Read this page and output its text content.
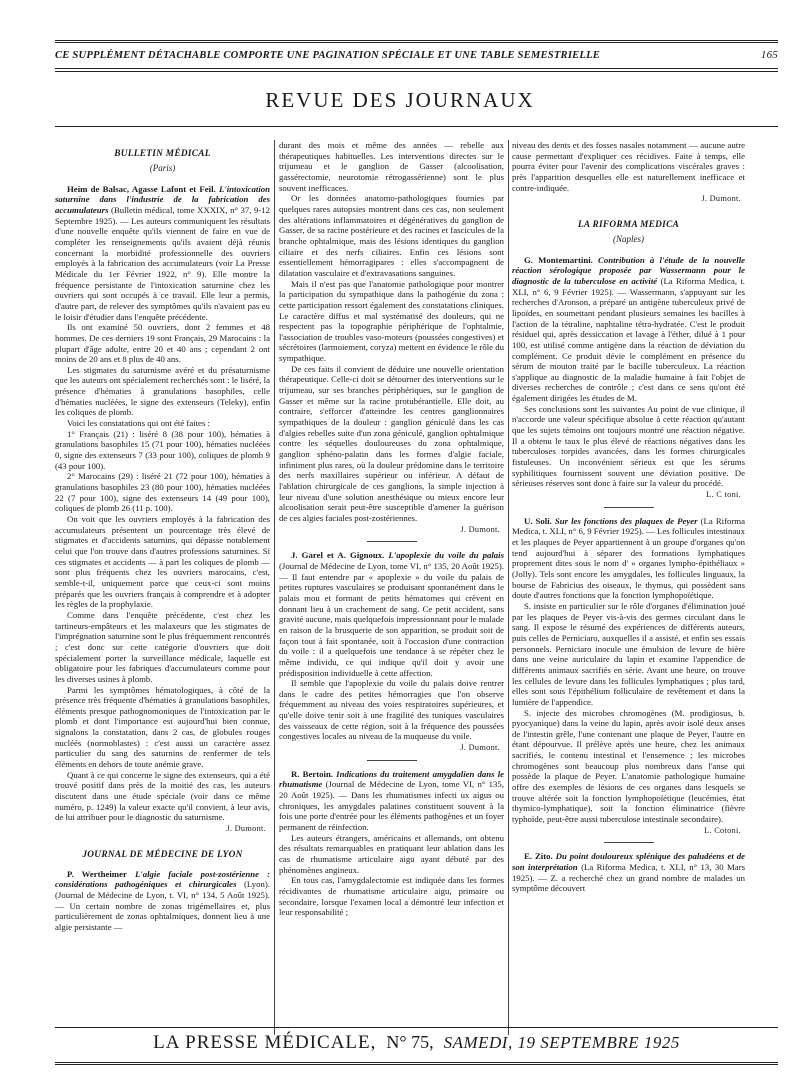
CE SUPPLÉMENT DÉTACHABLE COMPORTE UNE PAGINATION SPÉCIALE ET UNE TABLE SEMESTRIELLE	165
REVUE DES JOURNAUX
BULLETIN MÉDICAL
(Paris)

Heim de Balsac, Agasse Lafont et Feil. L'intoxication saturnine dans l'industrie de la fabrication des accumulateurs (Bulletin médical, tome XXXIX, n° 37, 9-12 Septembre 1925). — Les auteurs communiquent les résultats d'une nouvelle enquête qu'ils viennent de faire en vue de compléter les renseignements qu'ils avaient déjà réunis concernant la morbidité professionnelle des ouvriers employés à la fabrication des accumulateurs (voir La Presse Médicale du 1er Février 1922, n° 9). Elle montre la fréquence persistante de l'intoxication saturnine chez les ouvriers qui sont occupés à ce travail. Elle leur a permis, d'autre part, de relever des symptômes qu'ils n'avaient pas eu le loisir d'étudier dans l'enquête précédente.

Ils ont examiné 50 ouvriers, dont 2 femmes et 48 hommes. De ces derniers 19 sont Français, 29 Marocains : la plupart d'âge adulte, entre 20 et 40 ans ; cependant 2 ont moins de 20 ans et 8 plus de 40 ans.

Les stigmates du saturnisme avéré et du présaturnisme que les auteurs ont spécialement recherchés sont : le liséré, la présence d'hématies à granulations basophiles, celle d'hématies nucléées, le signe des extenseurs (Teleky), enfin les coliques de plomb.

Voici les constatations qui ont été faites :

1° Français (21) : liséré 8 (38 pour 100), hématies à granulations basophiles 15 (71 pour 100), hématies nucléées 0, signe des extenseurs 7 (33 pour 100), coliques de plomb 9 (43 pour 100).

2° Marocains (29) : liséré 21 (72 pour 100), hématies à granulations basophiles 23 (80 pour 100), hématies nucléées 22 (7 pour 100), signe des extenseurs 14 (49 pour 100), coliques de plomb 26 (11 p. 100).

On voit que les ouvriers employés à la fabrication des accumulateurs présentent un pourcentage très élevé de stigmates et d'accidents saturnins, qui dépasse notablement celui que l'on trouve dans d'autres professions saturnines. Si ces stigmates et accidents — à part les coliques de plomb — sont plus fréquents chez les ouvriers marocains, c'est, semble-t-il, uniquement parce que ceux-ci sont moins préparés que les ouvriers français à comprendre et à adopter les règles de la prophylaxie.

Comme dans l'enquête précédente, c'est chez les tartineurs-empâteurs et les malaxeurs que les stigmates de l'imprégnation saturnine sont le plus fréquemment rencontrés ; c'est donc sur cette catégorie d'ouvriers que doit spécialement porter la surveillance médicale, laquelle est obligatoire pour les fabriques d'accumulateurs comme pour les diverses usines à plomb.

Parmi les symptômes hématologiques, à côté de la présence très fréquente d'hématies à granulations basophiles, éléments presque pathognomoniques de l'intoxication par le plomb et dont l'importance est aujourd'hui bien connue, signalons la constatation, dans 2 cas, de globules rouges nucléés (normoblastes) : c'est aussi un caractère assez particulier du sang des saturnins de renfermer de tels éléments en dehors de toute anémie grave.

Quant à ce qui concerne le signe des extenseurs, qui a été trouvé positif dans près de la moitié des cas, les auteurs discutent dans une étude spéciale (voir dans ce même numéro, p. 1249) la valeur exacte qu'il convient, à leur avis, de lui attribuer pour le diagnostic du saturnisme.

J. Dumont.
JOURNAL DE MÉDECINE DE LYON

P. Wertheimer L'algie faciale post-zostérienne : considérations pathogéniques et chirurgicales (Lyon). (Journal de Médecine de Lyon, t. VI, n° 134, 5 Août 1925). — Un certain nombre de zonas trigémellaires et, plus particulièrement de zonas ophtalmiques, donnent lieu à une algie persistante —

durant des mois et même des années — rebelle aux thérapeutiques habituelles. Les interventions directes sur le trijumeau et le ganglion de Gasser (alcoolisation, gassérectomie, neurotomie rétrogassérienne) sont le plus souvent inefficaces.

Or les données anatomo-pathologiques fournies par quelques rares autopsies montrent dans ces cas, non seulement des altérations inflammatoires et dégénératives du ganglion de Gasser, de sa racine postérieure et des racines et fascicules de la branche ophtalmique, mais des lésions identiques du ganglion ciliaire et des nerfs ciliaires. Enfin ces lésions sont essentiellement hémorragipares : elles s'accompagnent de dilatation vasculaire et d'extravasations sanguines.

Mais il n'est pas que l'anatomie pathologique pour montrer la participation du sympathique dans la pathogénie du zona : cette participation ressort également des constatations cliniques. Le caractère diffus et mal systématisé des douleurs, qui ne respectent pas la topographie périphérique de l'ophtalmie, l'association de troubles vaso-moteurs (poussées congestives) et sécrétoires (larmoiement, coryza) mettent en évidence le rôle du sympathique.

De ces faits il convient de déduire une nouvelle orientation thérapeutique. Celle-ci doit se détourner des interventions sur le trijumeau, sur ses branches périphériques, sur le ganglion de Gasser et même sur la racine protubérantielle. Elle doit, au contraire, s'efforcer d'atteindre les centres ganglionnaires sympathiques de la douleur : ganglion géniculé dans les cas d'algies rebelles suite d'un zona géniculé, ganglion ophtalmique contre les séquelles douloureuses du zona ophtalmique, ganglion sphéno-palatin dans les formes d'algie faciale, infiniment plus rares, où la douleur prédomine dans le territoire des nerfs maxillaires supérieur ou inférieur. A défaut de l'ablation chirurgicale de ces ganglions, la simple injection à leur niveau d'une solution anesthésique ou mieux encore leur alcoolisation serait peut-être susceptible d'amener la guérison de ces algies faciales post-zostériennes.

J. Dumont.

J. Garel et A. Gignoux. L'apoplexie du voile du palais (Journal de Médecine de Lyon, tome VI, n° 135, 20 Août 1925). — Il faut entendre par « apoplexie » du voile du palais de petites ruptures vasculaires se produisant spontanément dans le palais mou et formant de petits hématomes qui crèvent en donnant lieu à un crachement de sang. Ce petit accident, sans gravité aucune, mais quelquefois impressionnant pour le malade en raison de la brusquerie de son apparition, se produit soit de façon tout à fait spontanée, soit à l'occasion d'une contraction du voile : il a quelquefois une tendance à se répéter chez le même individu, ce qui indique qu'il doit y avoir une prédisposition individuelle à cette affection.

Il semble que l'apoplexie du voile du palais doive rentrer dans le cadre des petites hémorragies que l'on observe fréquemment au niveau des voies respiratoires supérieures, et qu'elle doive tenir soit à une fragilité des tuniques vasculaires des vaisseaux de cette région, soit à la fréquence des poussées congestives locales au niveau de la muqueuse du voile.

J. Dumont.

R. Bertoin. Indications du traitement amygdalien dans le rhumatisme (Journal de Médecine de Lyon, tome VI, n° 135, 20 Août 1925). — Dans les rhumatismes infecti ux aigus ou chroniques, les amygdales palatines constituent souvent à la fois une porte d'entrée pour les éléments pathogènes et un foyer permanent de réinfection.

Les auteurs étrangers, américains et allemands, ont obtenu des résultats remarquables en pratiquant leur ablation dans les cas de rhumatisme articulaire aigu ayant débuté par des phénomènes angineux.

En tous cas, l'amygdalectomie est indiquée dans les formes récidivantes de rhumatisme articulaire aigu, primaire ou secondaire, lorsque l'examen local a démontré leur infection et leur responsabilité ;

niveau des dents et des fosses nasales notamment — aucune autre cause permettant d'expliquer ces récidives. Faite à temps, elle pourra éviter pour l'avenir des complications viscérales graves : près l'apparition desquelles elle est naturellement inefficace et contre-indiquée.

J. Dumont.
LA RIFORMA MEDICA
(Naples)

G. Montemartini. Contribution à l'étude de la nouvelle réaction sérologique proposée par Wassermann pour le diagnostic de la tuberculose en activité (La Riforma Medica, t. XLI, n° 6, 9 Février 1925). — Wassermann, s'appuyant sur les recherches d'Aronson, a préparé un antigène tuberculeux privé de lipoïdes, en soumettant pendant plusieurs semaines les bacilles à l'action de la tétraline, naphtaline tétra-hydratée. C'est le produit résiduel qui, après dessiccation et lavage à l'éther, dilué à 1 pour 100, est utilisé comme antigène dans la réaction de déviation du complément. Ce produit dévie le complément en présence du sérum de mouton traité par le bacille tuberculeux. La réaction s'applique au diagnostic de la maladie humaine à fait l'objet de diverses recherches de contrôle ; c'est dans ce sens qu'ont été également dirigées les études de M.

Ses conclusions sont les suivantes Au point de vue clinique, il n'accorde une valeur spécifique absolue à cette réaction qu'autant que les sujets témoins ont toujours montré une réaction négative. Il a obtenu le taux le plus élevé de réactions négatives dans les tuberculoses torpides avancées, dans les formes chirurgicales fistuleuses. Un inconvénient sérieux est que les sérums syphilitiques fournissent souvent une déviation positive. De sérieuses réserves sont donc à faire sur la valeur du procédé.

L. C toni.

U. Soli. Sur les fonctions des plaques de Peyer (La Riforma Medica, t. XLI, n° 6, 9 Février 1925). — Les follicules intestinaux et les plaques de Peyer appartiennent à un groupe d'organes qu'on tend aujourd'hui à séparer des formations lymphatiques proprement dites sous le nom d' « organes lympho-épithéliaux » (Jolly). Tels sont encore les amygdales, les follicules linguaux, la bourse de Fabricius des oiseaux, le thymus, qui possèdent sans doute d'autres fonctions que la fonction lymphopoïétique.

S. insiste en particulier sur le rôle d'organes d'élimination joué par les plaques de Peyer vis-à-vis des germes circulant dans le sang. Il expose le résumé des expériences de différents auteurs, puis celles de Perniciaro, auxquelles il a assisté, et enfin ses essais personnels. Perniciaro inocule une émulsion de levure de bière dans une veine auriculaire du lapin et examine l'appendice de différents animaux sacrifiés en série. Avant une heure, on trouve les cellules de levure dans les follicules lymphatiques ; plus tard, elles sont sous l'épithélium folliculaire de revêtement et dans la lumière de l'appendice.

S. injecte des microbes chromogènes (M. prodigiosus, b. pyocyanique) dans la veine du lapin, après avoir isolé deux anses de l'intestin grêle, l'une contenant une plaque de Peyer, l'autre en étant dépourvue. Il prélève après une heure, chez les animaux sacrifiés, le contenu intestinal et l'ensemence ; les microbes chromogènes sont beaucoup plus nombreux dans l'anse qui possède la plaque de Peyer. L'anatomie pathologique humaine offre des exemples de lésions de ces organes dans lesquels se trouve altérée soit la fonction lymphopoïétique (leucémies, état thymico-lymphatique), soit la fonction éliminatrice (fièvre typhoïde, peut-être aussi tuberculose intestinale secondaire).

L. Cotoni.

E. Zito. Du point douloureux splénique des paludéens et de son interprétation (La Riforma Medica, t. XLI, n° 13, 30 Mars 1925). — Z. a recherché chez un grand nombre de malades un symptôme découvert

LA PRESSE MÉDICALE, N° 75, SAMEDI, 19 SEPTEMBRE 1925
